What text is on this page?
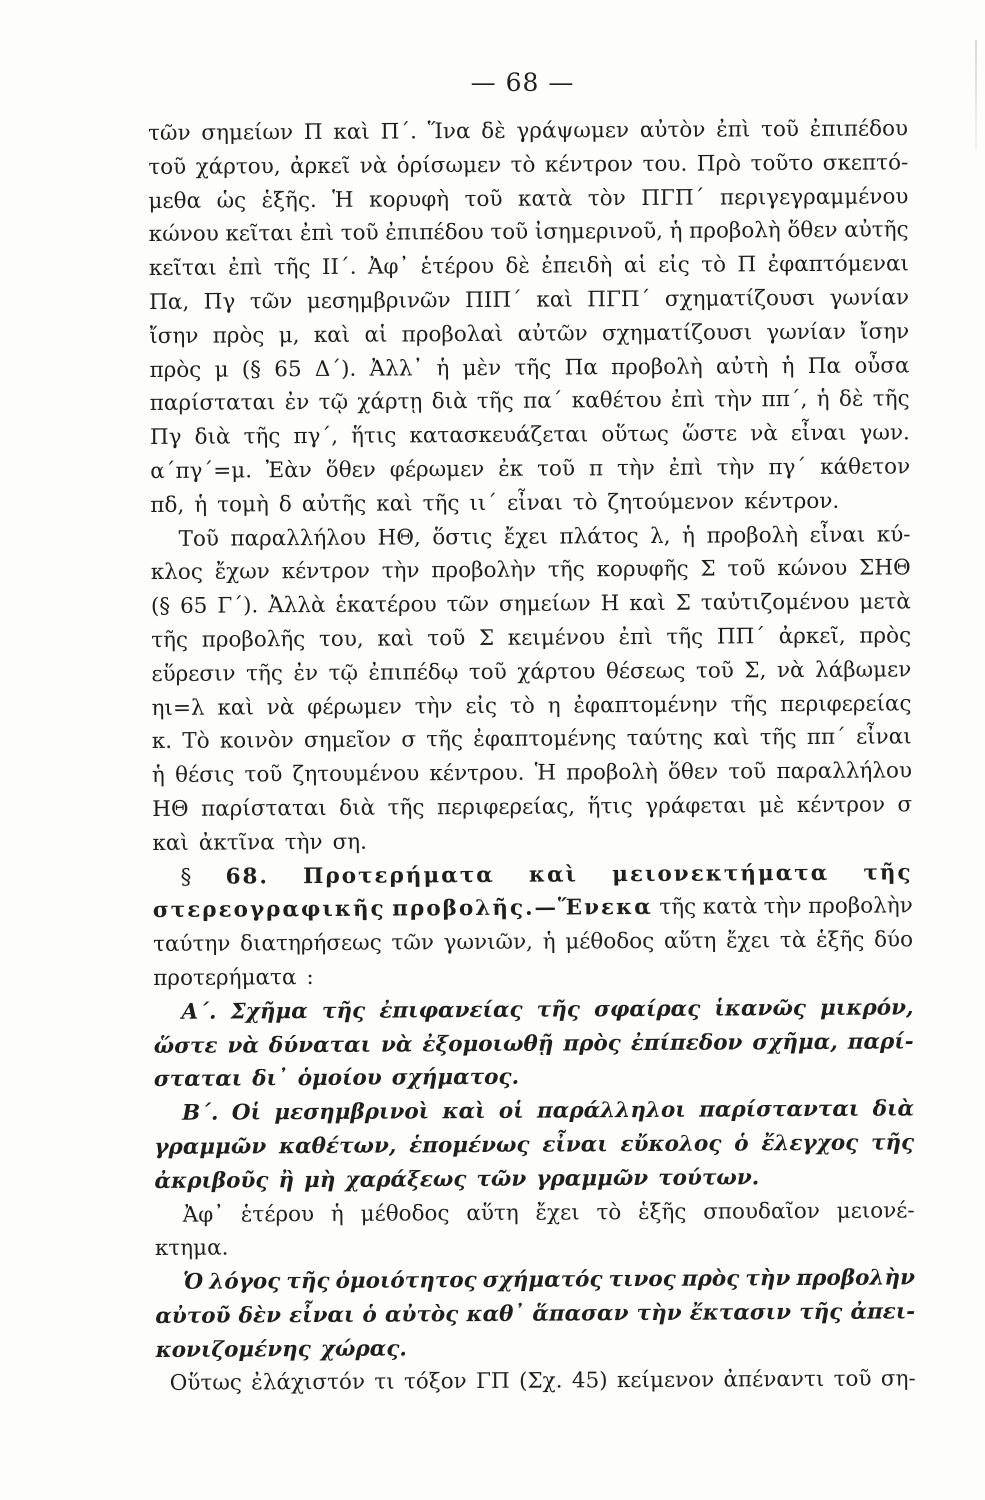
— 68 —
τῶν σημείων Π καὶ Π΄. Ἵνα δὲ γράψωμεν αὐτὸν ἐπὶ τοῦ ἐπιπέδου
τοῦ χάρτου, ἀρκεῖ νὰ ὁρίσωμεν τὸ κέντρον του. Πρὸ τοῦτο σκεπτό-
μεθα ὡς ἑξῆς. Ἡ κορυφὴ τοῦ κατὰ τὸν ΠΓΠ΄ περιγεγραμμένου
κώνου κεῖται ἐπὶ τοῦ ἐπιπέδου τοῦ ἰσημερινοῦ, ἡ προβολὴ ὅθεν αὐτῆς
κεῖται ἐπὶ τῆς ΙΙ΄. Ἀφ᾽ ἑτέρου δὲ ἐπειδὴ αἱ εἰς τὸ Π ἐφαπτόμεναι
Πα, Πγ τῶν μεσημβρινῶν ΠΙΠ΄ καὶ ΠΓΠ΄ σχηματίζουσι γωνίαν
ἴσην πρὸς μ, καὶ αἱ προβολαὶ αὐτῶν σχηματίζουσι γωνίαν ἴσην
πρὸς μ (§ 65 Δ΄). Ἀλλ᾽ ἡ μὲν τῆς Πα προβολὴ αὐτὴ ἡ Πα οὖσα
παρίσταται ἐν τῷ χάρτῃ διὰ τῆς πα΄ καθέτου ἐπὶ τὴν ππ΄, ἡ δὲ τῆς
Πγ διὰ τῆς πγ΄, ἥτις κατασκευάζεται οὕτως ὥστε νὰ εἶναι γων.
α΄πγ΄=μ. Ἐὰν ὅθεν φέρωμεν ἐκ τοῦ π τὴν ἐπὶ τὴν πγ΄ κάθετον
πδ, ἡ τομὴ δ αὐτῆς καὶ τῆς ιι΄ εἶναι τὸ ζητούμενον κέντρον.
Τοῦ παραλλήλου ΗΘ, ὅστις ἔχει πλάτος λ, ἡ προβολὴ εἶναι κύ-
κλος ἔχων κέντρον τὴν προβολὴν τῆς κορυφῆς Σ τοῦ κώνου ΣΗΘ
(§ 65 Γ΄). Ἀλλὰ ἑκατέρου τῶν σημείων Η καὶ Σ ταὐτιζομένου μετὰ
τῆς προβολῆς του, καὶ τοῦ Σ κειμένου ἐπὶ τῆς ΠΠ΄ ἀρκεῖ, πρὸς
εὕρεσιν τῆς ἐν τῷ ἐπιπέδῳ τοῦ χάρτου θέσεως τοῦ Σ, νὰ λάβωμεν
ηι=λ καὶ νὰ φέρωμεν τὴν εἰς τὸ η ἐφαπτομένην τῆς περιφερείας
κ. Τὸ κοινὸν σημεῖον σ τῆς ἐφαπτομένης ταύτης καὶ τῆς ππ΄ εἶναι
ἡ θέσις τοῦ ζητουμένου κέντρου. Ἡ προβολὴ ὅθεν τοῦ παραλλήλου
ΗΘ παρίσταται διὰ τῆς περιφερείας, ἥτις γράφεται μὲ κέντρον σ
καὶ ἀκτῖνα τὴν ση.
§ 68. Προτερήματα καὶ μειονεκτήματα τῆς
στερεογραφικῆς προβολῆς.—Ἕνεκα τῆς κατὰ τὴν προβολὴν
ταύτην διατηρήσεως τῶν γωνιῶν, ἡ μέθοδος αὕτη ἔχει τὰ ἑξῆς δύο
προτερήματα :
Α΄. Σχῆμα τῆς ἐπιφανείας τῆς σφαίρας ἱκανῶς μικρόν,
ὥστε νὰ δύναται νὰ ἐξομοιωθῇ πρὸς ἐπίπεδον σχῆμα, παρί-
σταται δι᾽ ὁμοίου σχήματος.
Β΄. Οἱ μεσημβρινοὶ καὶ οἱ παράλληλοι παρίστανται διὰ
γραμμῶν καθέτων, ἑπομένως εἶναι εὔκολος ὁ ἔλεγχος τῆς
ἀκριβοῦς ἢ μὴ χαράξεως τῶν γραμμῶν τούτων.
Ἀφ᾽ ἑτέρου ἡ μέθοδος αὕτη ἔχει τὸ ἑξῆς σπουδαῖον μειονέ-
κτημα.
Ὁ λόγος τῆς ὁμοιότητος σχήματός τινος πρὸς τὴν προβολὴν
αὐτοῦ δὲν εἶναι ὁ αὐτὸς καθ᾽ ἅπασαν τὴν ἔκτασιν τῆς ἀπει-
κονιζομένης χώρας.
Οὕτως ἐλάχιστόν τι τόξον ΓΠ (Σχ. 45) κείμενον ἀπέναντι τοῦ ση-
